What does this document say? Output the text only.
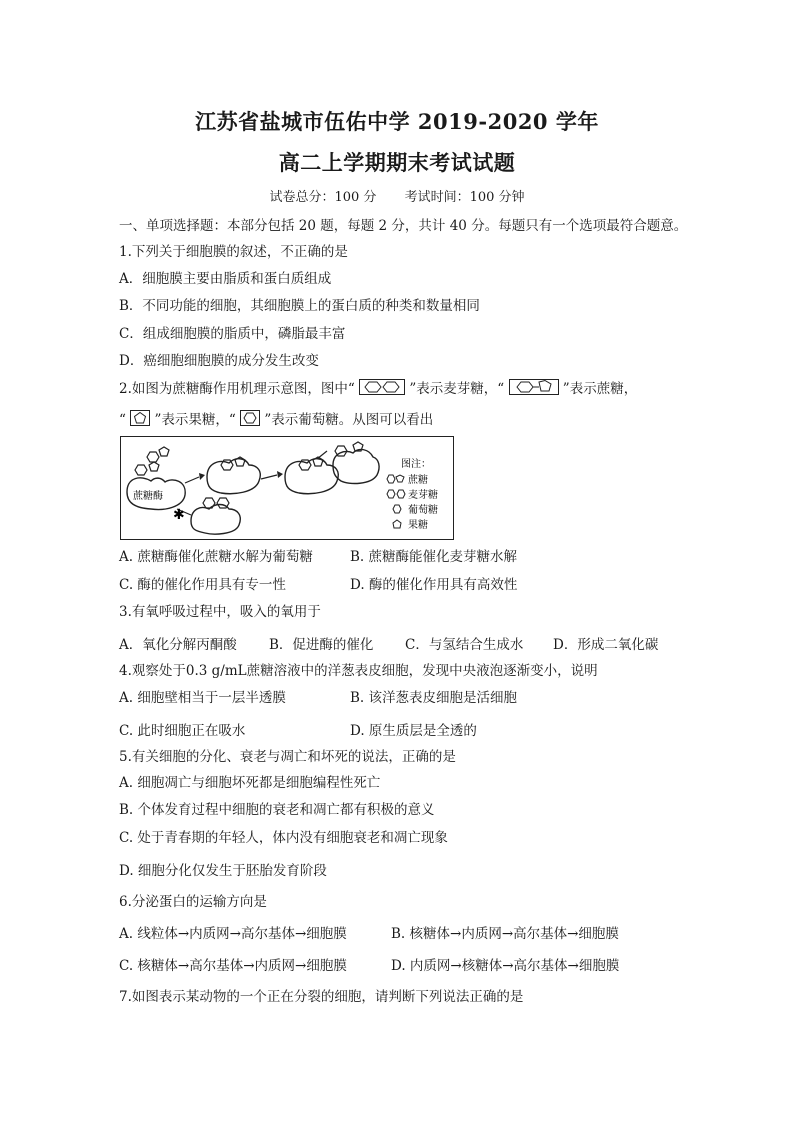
江苏省盐城市伍佑中学 2019-2020 学年
高二上学期期末考试试题
试卷总分：100 分 考试时间：100 分钟
一、单项选择题：本部分包括 20 题，每题 2 分，共计 40 分。每题只有一个选项最符合题意。
1.下列关于细胞膜的叙述，不正确的是
A．细胞膜主要由脂质和蛋白质组成
B．不同功能的细胞，其细胞膜上的蛋白质的种类和数量相同
C．组成细胞膜的脂质中，磷脂最丰富
D．癌细胞细胞膜的成分发生改变
2.如图为蔗糖酶作用机理示意图，图中“	”表示麦芽糖，“	”表示蔗糖，
“ ”表示果糖，“ ”表示葡萄糖。从图可以看出
蔗糖酶
✱
图注：
蔗糖
麦芽糖
葡萄糖
果糖
A. 蔗糖酶催化蔗糖水解为葡萄糖	B. 蔗糖酶能催化麦芽糖水解
C. 酶的催化作用具有专一性	D. 酶的催化作用具有高效性
3.有氧呼吸过程中，吸入的氧用于
A．氧化分解丙酮酸 B．促进酶的催化 C．与氢结合生成水 D．形成二氧化碳
4.观察处于0.3 g/mL蔗糖溶液中的洋葱表皮细胞，发现中央液泡逐渐变小，说明
A. 细胞壁相当于一层半透膜	B. 该洋葱表皮细胞是活细胞
C. 此时细胞正在吸水	D. 原生质层是全透的
5.有关细胞的分化、衰老与凋亡和坏死的说法，正确的是
A. 细胞凋亡与细胞坏死都是细胞编程性死亡
B. 个体发育过程中细胞的衰老和凋亡都有积极的意义
C. 处于青春期的年轻人，体内没有细胞衰老和凋亡现象
D. 细胞分化仅发生于胚胎发育阶段
6.分泌蛋白的运输方向是
A. 线粒体→内质网→高尔基体→细胞膜	B. 核糖体→内质网→高尔基体→细胞膜
C. 核糖体→高尔基体→内质网→细胞膜	D. 内质网→核糖体→高尔基体→细胞膜
7.如图表示某动物的一个正在分裂的细胞，请判断下列说法正确的是
